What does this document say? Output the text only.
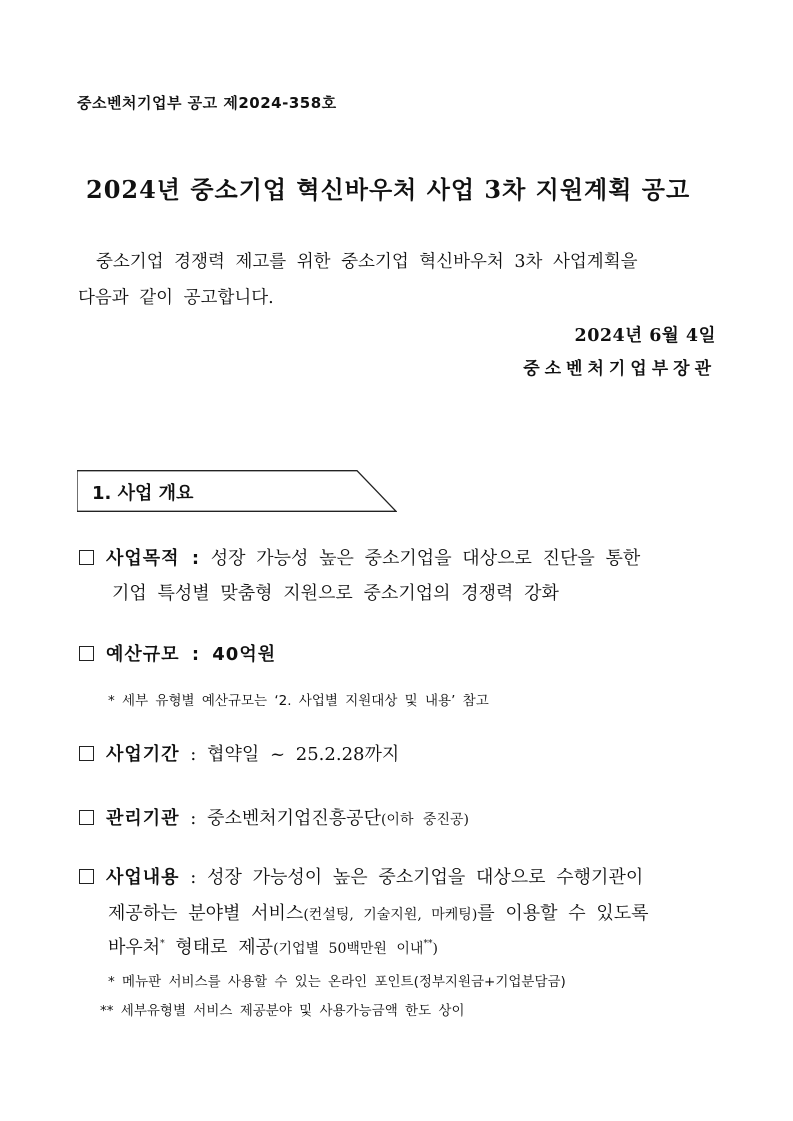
중소벤처기업부 공고 제2024-358호
2024년 중소기업 혁신바우처 사업 3차 지원계획 공고
중소기업 경쟁력 제고를 위한 중소기업 혁신바우처 3차 사업계획을
다음과 같이 공고합니다.
2024년 6월 4일
중소벤처기업부장관
1. 사업 개요
사업목적 : 성장 가능성 높은 중소기업을 대상으로 진단을 통한
기업 특성별 맞춤형 지원으로 중소기업의 경쟁력 강화
예산규모 : 40억원
* 세부 유형별 예산규모는 ‘2. 사업별 지원대상 및 내용’ 참고
사업기간 : 협약일 ~ 25.2.28까지
관리기관 : 중소벤처기업진흥공단(이하 중진공)
사업내용 : 성장 가능성이 높은 중소기업을 대상으로 수행기관이
제공하는 분야별 서비스(컨설팅, 기술지원, 마케팅)를 이용할 수 있도록
바우처* 형태로 제공(기업별 50백만원 이내**)
* 메뉴판 서비스를 사용할 수 있는 온라인 포인트(정부지원금+기업분담금)
** 세부유형별 서비스 제공분야 및 사용가능금액 한도 상이
